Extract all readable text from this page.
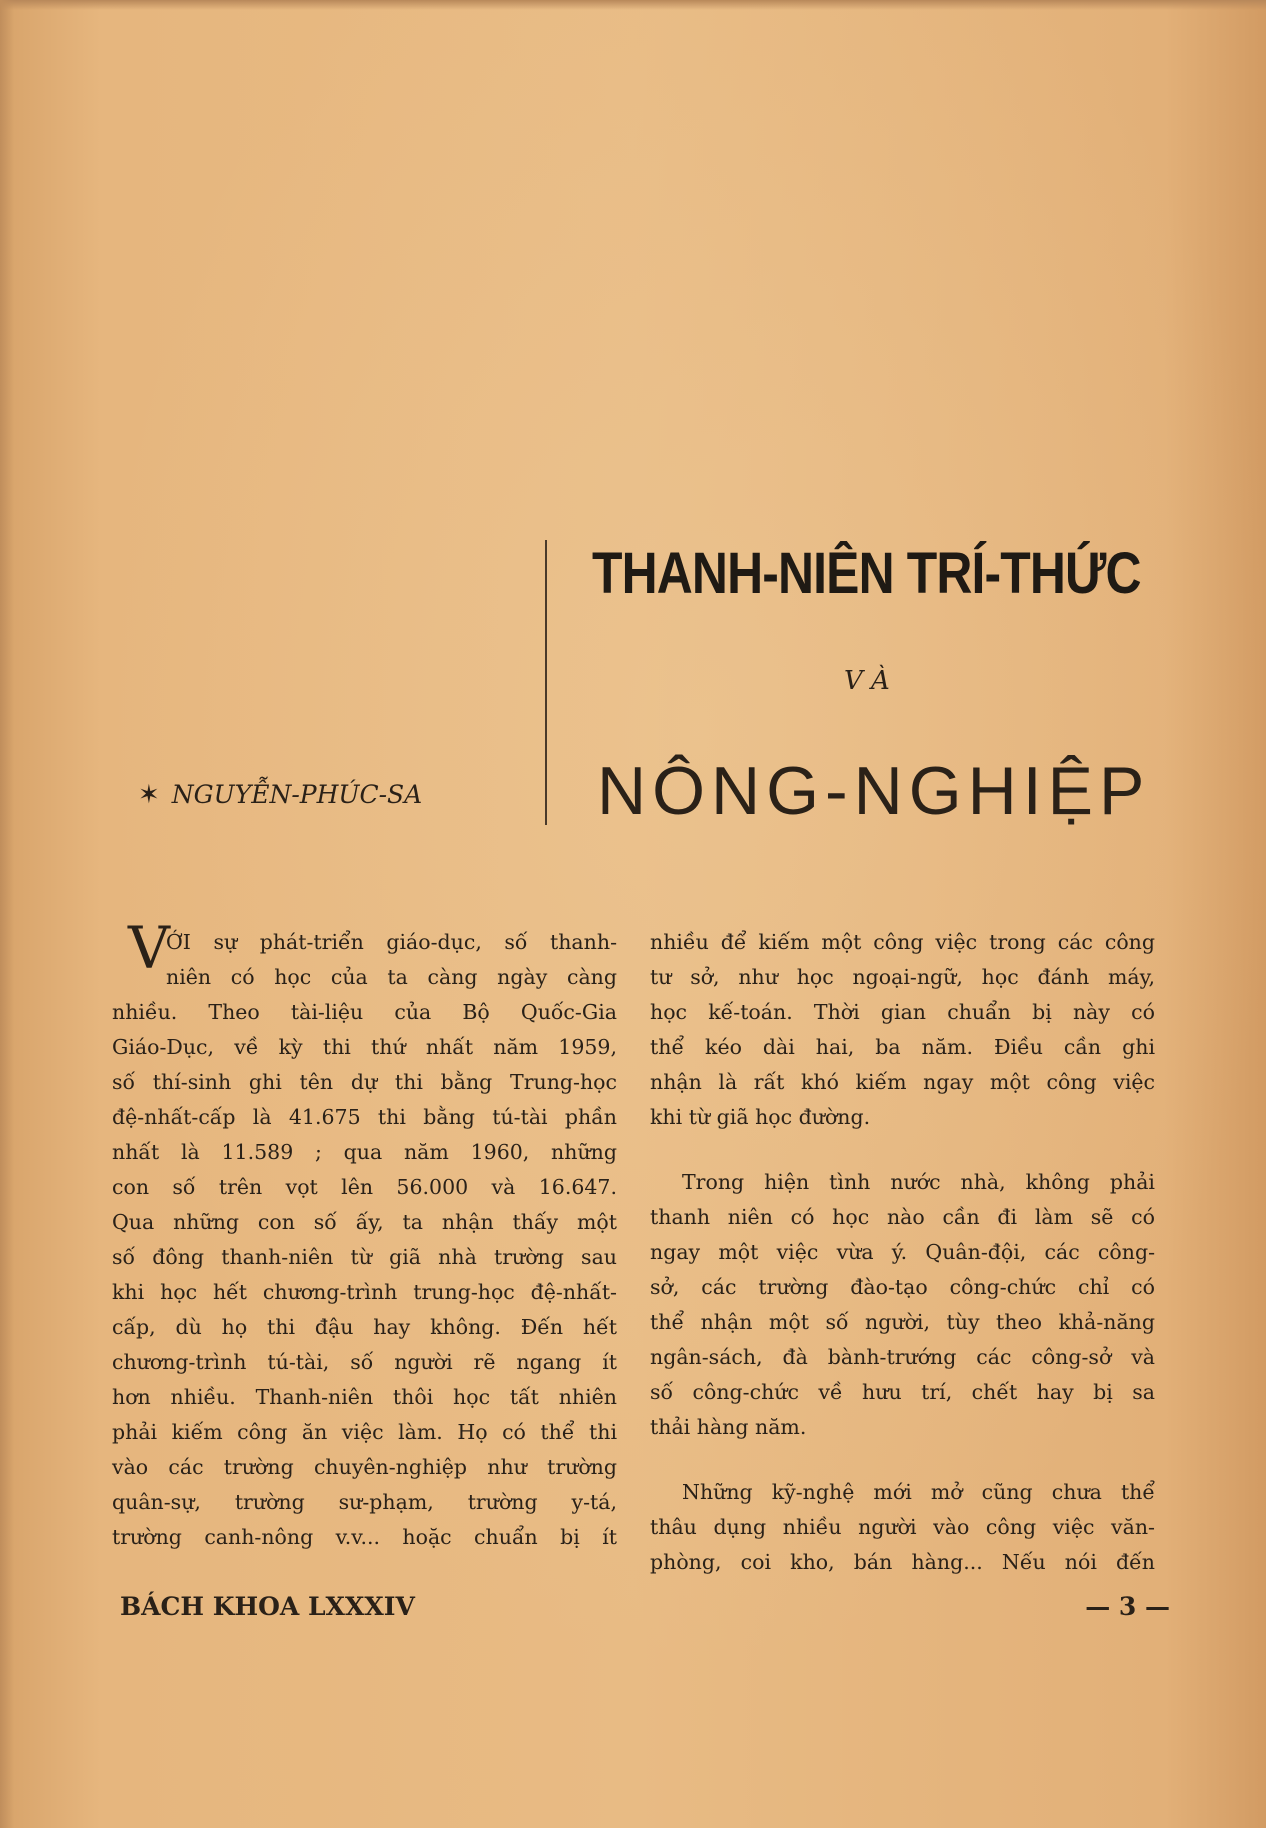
THANH-NIÊN TRÍ-THỨC
VÀ
NÔNG-NGHIỆP
✶ NGUYỄN-PHÚC-SA
V
ỚI sự phát-triển giáo-dục, số thanh-
niên có học của ta càng ngày càng
nhiều. Theo tài-liệu của Bộ Quốc-Gia
Giáo-Dục, về kỳ thi thứ nhất năm 1959,
số thí-sinh ghi tên dự thi bằng Trung-học
đệ-nhất-cấp là 41.675 thi bằng tú-tài phần
nhất là 11.589 ; qua năm 1960, những
con số trên vọt lên 56.000 và 16.647.
Qua những con số ấy, ta nhận thấy một
số đông thanh-niên từ giã nhà trường sau
khi học hết chương-trình trung-học đệ-nhất-
cấp, dù họ thi đậu hay không. Đến hết
chương-trình tú-tài, số người rẽ ngang ít
hơn nhiều. Thanh-niên thôi học tất nhiên
phải kiếm công ăn việc làm. Họ có thể thi
vào các trường chuyên-nghiệp như trường
quân-sự, trường sư-phạm, trường y-tá,
trường canh-nông v.v... hoặc chuẩn bị ít
nhiều để kiếm một công việc trong các công
tư sở, như học ngoại-ngữ, học đánh máy,
học kế-toán. Thời gian chuẩn bị này có
thể kéo dài hai, ba năm. Điều cần ghi
nhận là rất khó kiếm ngay một công việc
khi từ giã học đường.
Trong hiện tình nước nhà, không phải
thanh niên có học nào cần đi làm sẽ có
ngay một việc vừa ý. Quân-đội, các công-
sở, các trường đào-tạo công-chức chỉ có
thể nhận một số người, tùy theo khả-năng
ngân-sách, đà bành-trướng các công-sở và
số công-chức về hưu trí, chết hay bị sa
thải hàng năm.
Những kỹ-nghệ mới mở cũng chưa thể
thâu dụng nhiều người vào công việc văn-
phòng, coi kho, bán hàng... Nếu nói đến
BÁCH KHOA LXXXIV	— 3 —
